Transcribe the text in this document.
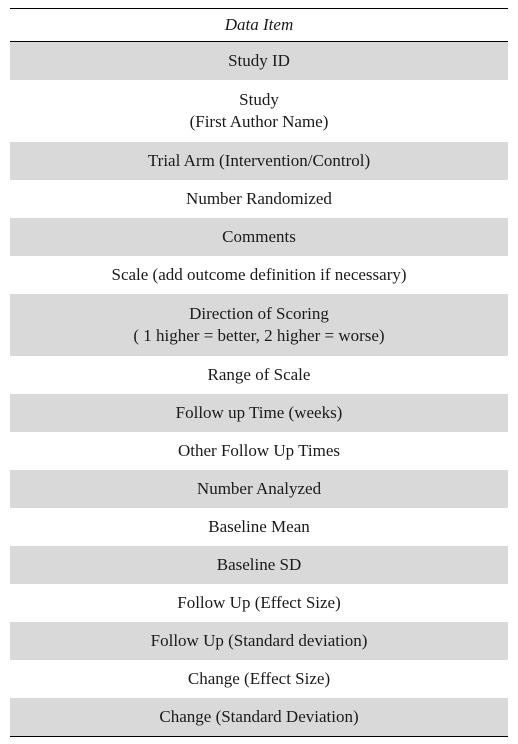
Data Item
Study ID
Study
(First Author Name)
Trial Arm (Intervention/Control)
Number Randomized
Comments
Scale (add outcome definition if necessary)
Direction of Scoring
( 1 higher = better, 2 higher = worse)
Range of Scale
Follow up Time (weeks)
Other Follow Up Times
Number Analyzed
Baseline Mean
Baseline SD
Follow Up (Effect Size)
Follow Up (Standard deviation)
Change (Effect Size)
Change (Standard Deviation)
